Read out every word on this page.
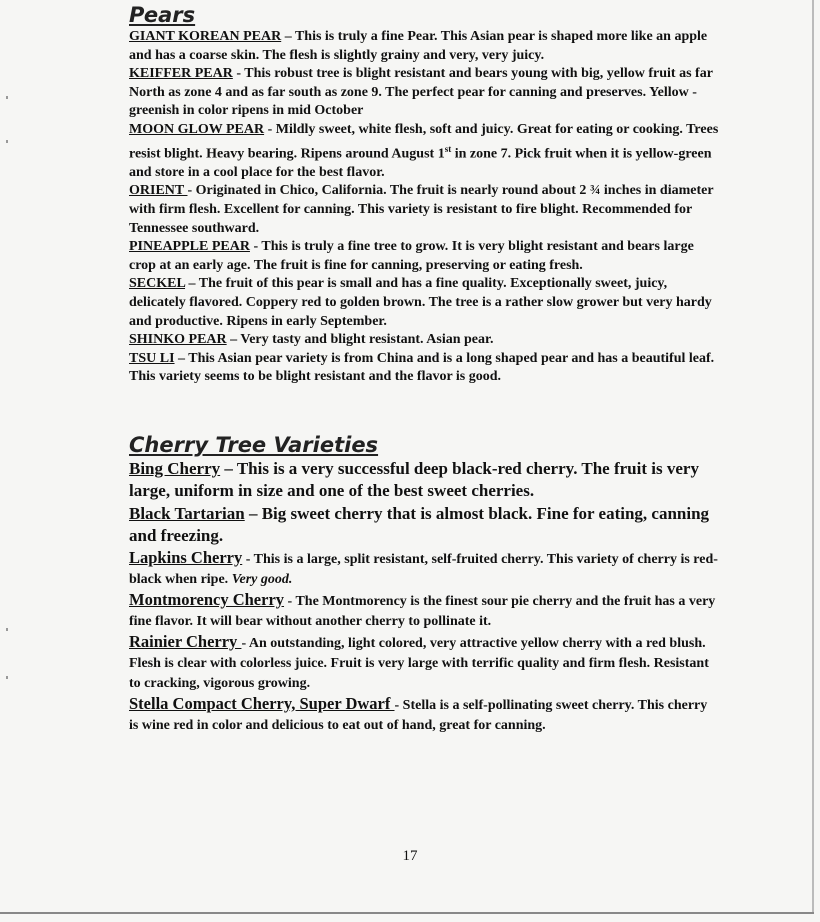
Pears

GIANT KOREAN PEAR – This is truly a fine Pear. This Asian pear is shaped more like an apple and has a coarse skin. The flesh is slightly grainy and very, very juicy.

KEIFFER PEAR - This robust tree is blight resistant and bears young with big, yellow fruit as far North as zone 4 and as far south as zone 9. The perfect pear for canning and preserves. Yellow - greenish in color ripens in mid October

MOON GLOW PEAR - Mildly sweet, white flesh, soft and juicy. Great for eating or cooking. Trees resist blight. Heavy bearing. Ripens around August 1st in zone 7. Pick fruit when it is yellow-green and store in a cool place for the best flavor.

ORIENT - Originated in Chico, California. The fruit is nearly round about 2 ¾ inches in diameter with firm flesh. Excellent for canning. This variety is resistant to fire blight. Recommended for Tennessee southward.

PINEAPPLE PEAR - This is truly a fine tree to grow. It is very blight resistant and bears large crop at an early age. The fruit is fine for canning, preserving or eating fresh.

SECKEL – The fruit of this pear is small and has a fine quality. Exceptionally sweet, juicy, delicately flavored. Coppery red to golden brown. The tree is a rather slow grower but very hardy and productive. Ripens in early September.

SHINKO PEAR – Very tasty and blight resistant. Asian pear.

TSU LI – This Asian pear variety is from China and is a long shaped pear and has a beautiful leaf. This variety seems to be blight resistant and the flavor is good.

Cherry Tree Varieties

Bing Cherry – This is a very successful deep black-red cherry. The fruit is very large, uniform in size and one of the best sweet cherries.

Black Tartarian – Big sweet cherry that is almost black. Fine for eating, canning and freezing.

Lapkins Cherry - This is a large, split resistant, self-fruited cherry. This variety of cherry is red-black when ripe. Very good.

Montmorency Cherry - The Montmorency is the finest sour pie cherry and the fruit has a very fine flavor. It will bear without another cherry to pollinate it.

Rainier Cherry - An outstanding, light colored, very attractive yellow cherry with a red blush. Flesh is clear with colorless juice. Fruit is very large with terrific quality and firm flesh. Resistant to cracking, vigorous growing.

Stella Compact Cherry, Super Dwarf - Stella is a self-pollinating sweet cherry. This cherry is wine red in color and delicious to eat out of hand, great for canning.

17
